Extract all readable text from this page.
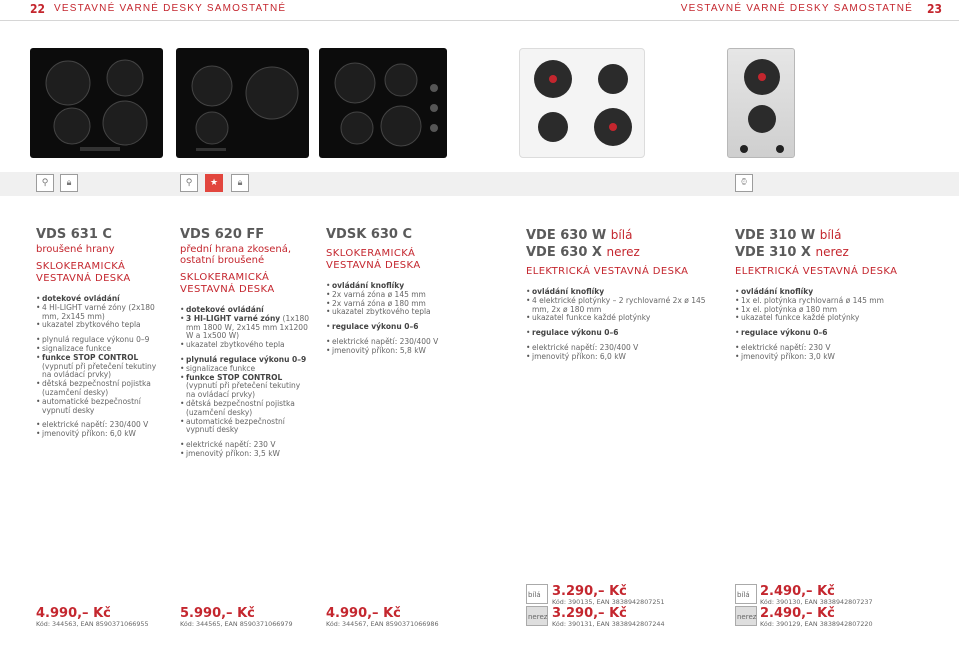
22 VESTAVNÉ VARNÉ DESKY SAMOSTATNÉ	VESTAVNÉ VARNÉ DESKY SAMOSTATNÉ	23
⚲	🔒︎	⚲	★	🔒︎	⌚︎
VDS 631 C
broušené hrany
SKLOKERAMICKÁ VESTAVNÁ DESKA
• dotekové ovládání
• 4 HI-LIGHT varné zóny (2x180 mm, 2x145 mm)
• ukazatel zbytkového tepla
• plynulá regulace výkonu 0–9
• signalizace funkce
• funkce STOP CONTROL (vypnutí při přetečení tekutiny na ovládací prvky)
• dětská bezpečnostní pojistka (uzamčení desky)
• automatické bezpečnostní vypnutí desky
• elektrické napětí: 230/400 V
• jmenovitý příkon: 6,0 kW
4.990,– Kč
Kód: 344563, EAN 8590371066955
VDS 620 FF
přední hrana zkosená, ostatní broušené
SKLOKERAMICKÁ VESTAVNÁ DESKA
• dotekové ovládání
• 3 HI-LIGHT varné zóny (1x180 mm 1800 W, 2x145 mm 1x1200 W a 1x500 W)
• ukazatel zbytkového tepla
• plynulá regulace výkonu 0–9
• signalizace funkce
• funkce STOP CONTROL (vypnutí při přetečení tekutiny na ovládací prvky)
• dětská bezpečnostní pojistka (uzamčení desky)
• automatické bezpečnostní vypnutí desky
• elektrické napětí: 230 V
• jmenovitý příkon: 3,5 kW
5.990,– Kč
Kód: 344565, EAN 8590371066979
VDSK 630 C
SKLOKERAMICKÁ VESTAVNÁ DESKA
• ovládání knoflíky
• 2x varná zóna ø 145 mm
• 2x varná zóna ø 180 mm
• ukazatel zbytkového tepla
• regulace výkonu 0–6
• elektrické napětí: 230/400 V
• jmenovitý příkon: 5,8 kW
4.990,– Kč
Kód: 344567, EAN 8590371066986
VDE 630 W bílá
VDE 630 X nerez
ELEKTRICKÁ VESTAVNÁ DESKA
• ovládání knoflíky
• 4 elektrické plotýnky – 2 rychlovarné 2x ø 145 mm, 2x ø 180 mm
• ukazatel funkce každé plotýnky
• regulace výkonu 0–6
• elektrické napětí: 230/400 V
• jmenovitý příkon: 6,0 kW
bílá 3.290,– Kč
Kód: 390135, EAN 3838942807251
nerez 3.290,– Kč
Kód: 390131, EAN 3838942807244
VDE 310 W bílá
VDE 310 X nerez
ELEKTRICKÁ VESTAVNÁ DESKA
• ovládání knoflíky
• 1x el. plotýnka rychlovarná ø 145 mm
• 1x el. plotýnka ø 180 mm
• ukazatel funkce každé plotýnky
• regulace výkonu 0–6
• elektrické napětí: 230 V
• jmenovitý příkon: 3,0 kW
bílá 2.490,– Kč
Kód: 390130, EAN 3838942807237
nerez 2.490,– Kč
Kód: 390129, EAN 3838942807220
